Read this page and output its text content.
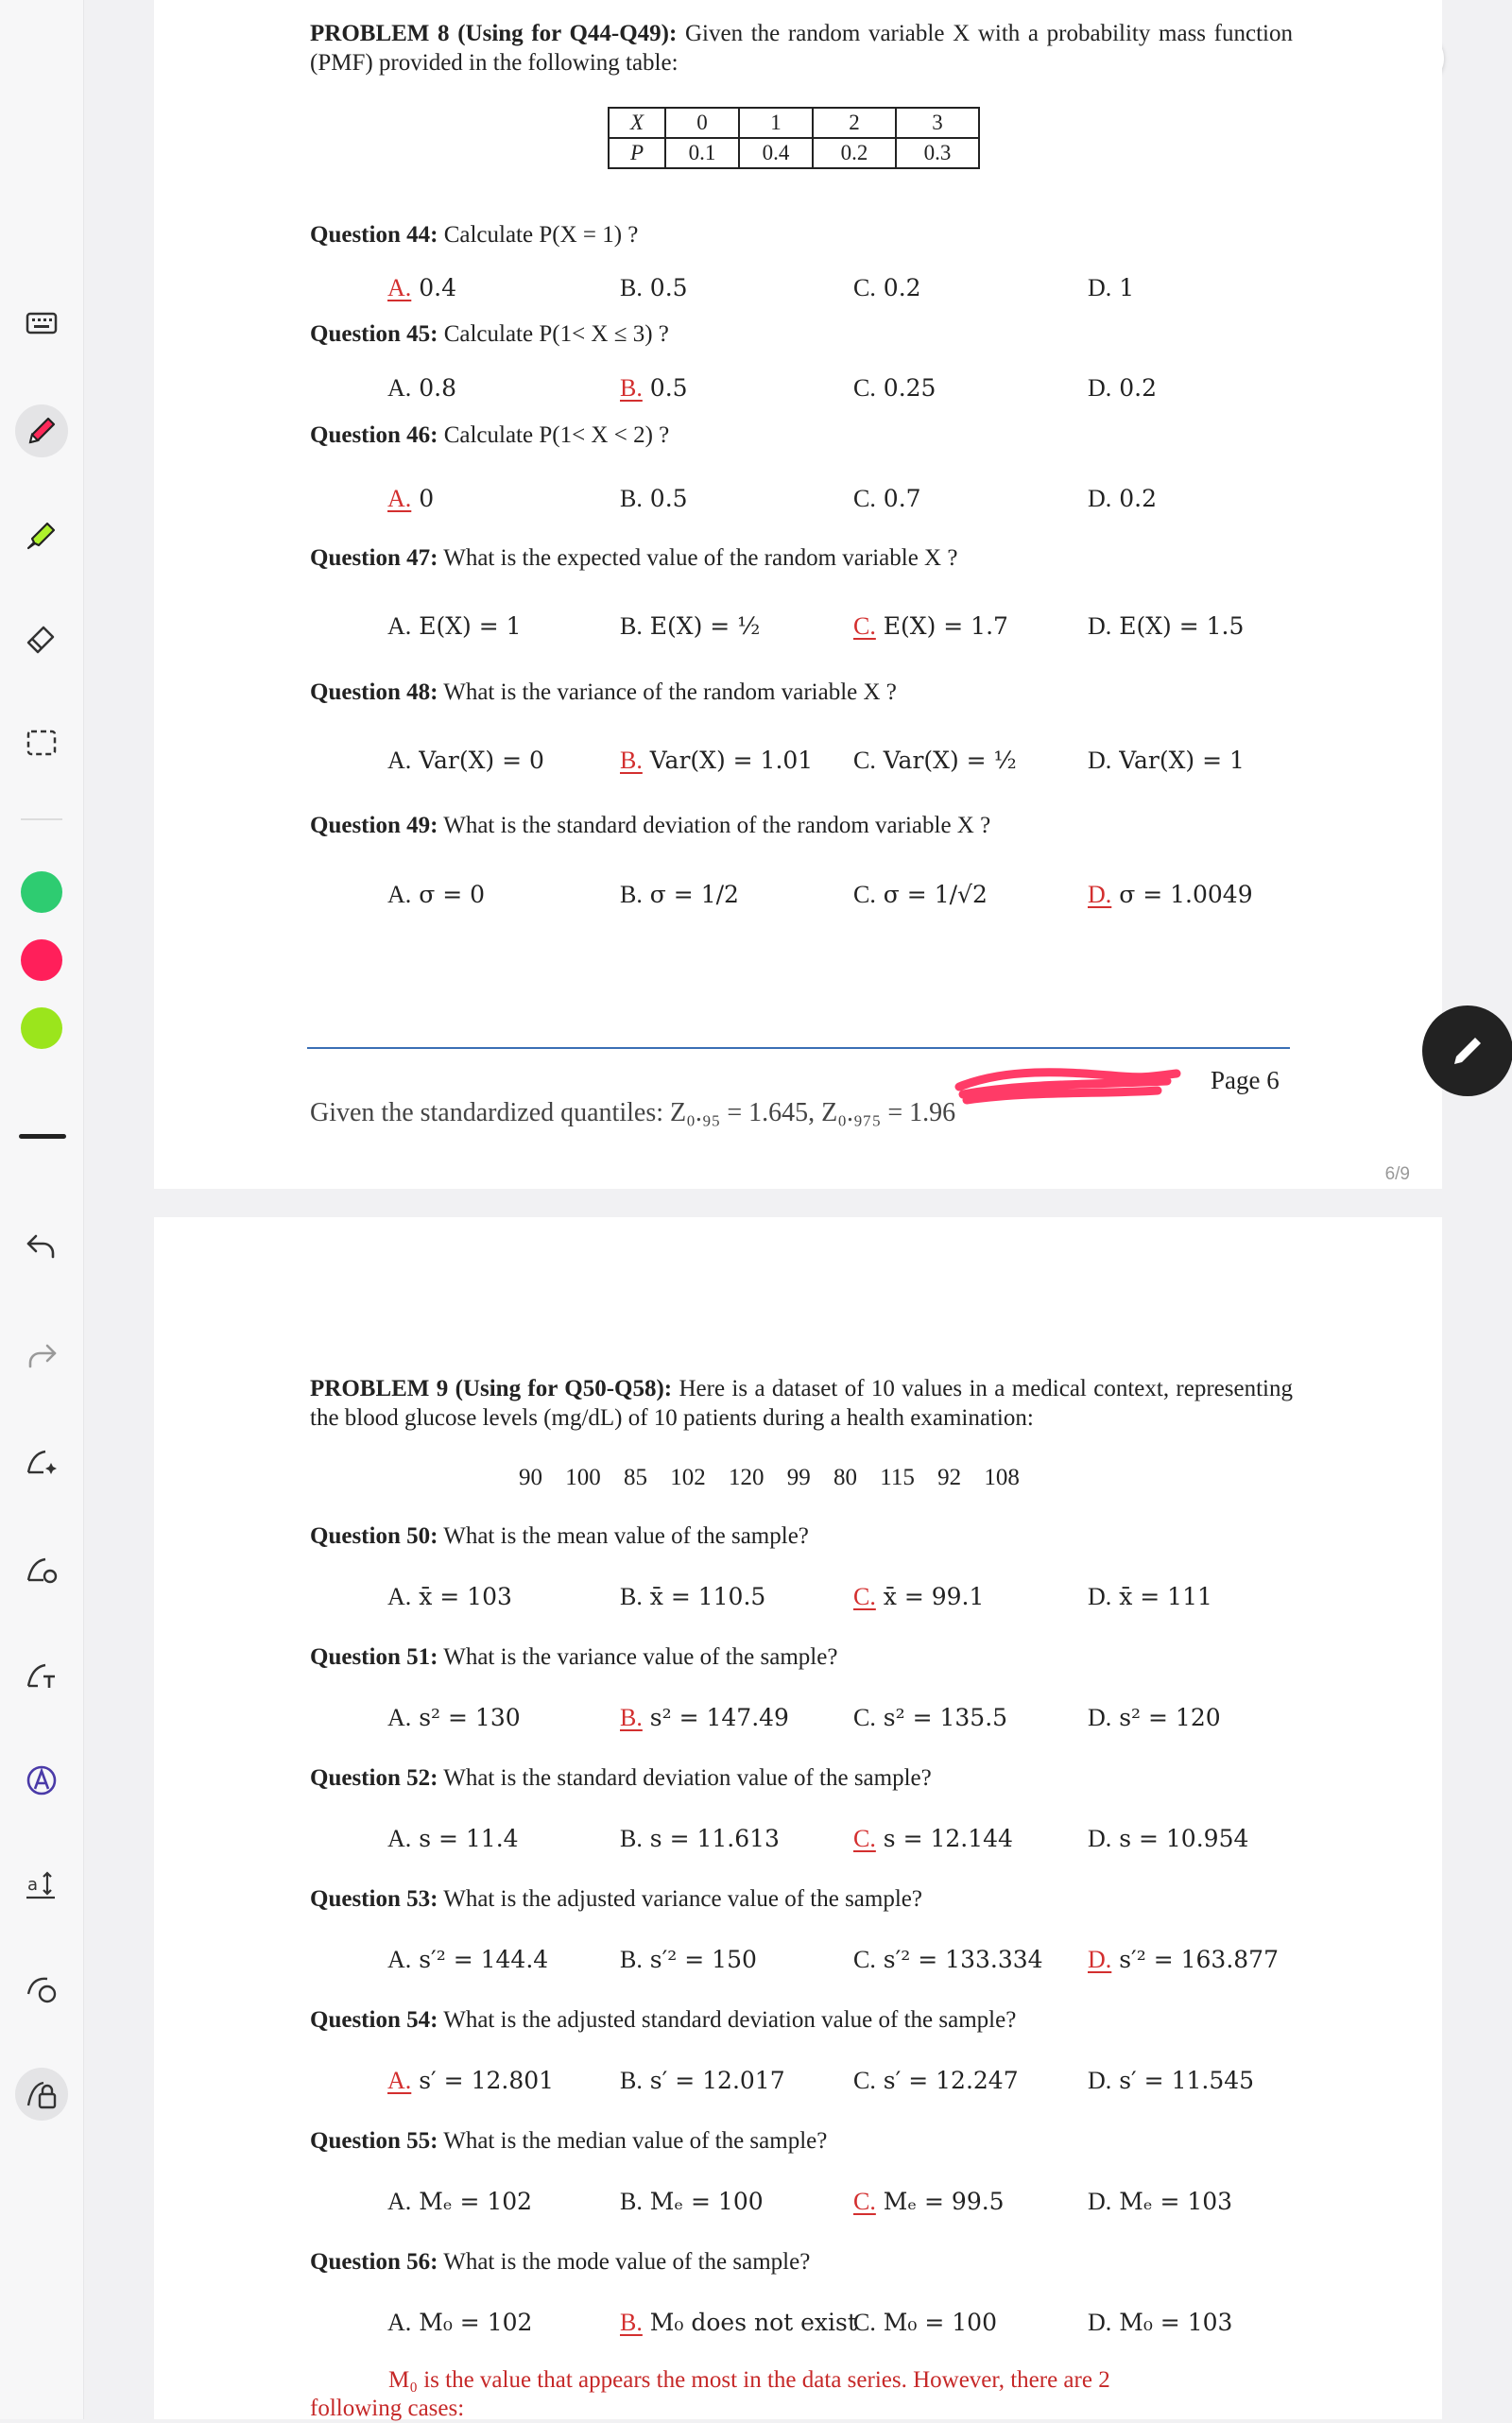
a
PROBLEM 8 (Using for Q44-Q49): Given the random variable X with a probability mass function (PMF) provided in the following table:
X	0	1	2	3
P	0.1	0.4	0.2	0.3
Question 44: Calculate P(X = 1) ?
A. 0.4	B. 0.5	C. 0.2	D. 1
Question 45: Calculate P(1< X ≤ 3) ?
A. 0.8	B. 0.5	C. 0.25	D. 0.2
Question 46: Calculate P(1< X < 2) ?
A. 0	B. 0.5	C. 0.7	D. 0.2
Question 47: What is the expected value of the random variable X ?
A. E(X) = 1	B. E(X) = ½	C. E(X) = 1.7	D. E(X) = 1.5
Question 48: What is the variance of the random variable X ?
A. Var(X) = 0	B. Var(X) = 1.01 C. Var(X) = ½	D. Var(X) = 1
Question 49: What is the standard deviation of the random variable X ?
A. σ = 0	B. σ = 1/2	C. σ = 1/√2	D. σ = 1.0049
Page 6
Given the standardized quantiles: Z₀.₉₅ = 1.645, Z₀.₉₇₅ = 1.96
6/9
PROBLEM 9 (Using for Q50-Q58): Here is a dataset of 10 values in a medical context, representing the blood glucose levels (mg/dL) of 10 patients during a health examination:
90 100 85 102 120 99 80 115 92 108
Question 50: What is the mean value of the sample?
A. x̄ = 103	B. x̄ = 110.5	C. x̄ = 99.1	D. x̄ = 111
Question 51: What is the variance value of the sample?
A. s² = 130	B. s² = 147.49	C. s² = 135.5	D. s² = 120
Question 52: What is the standard deviation value of the sample?
A. s = 11.4	B. s = 11.613	C. s = 12.144	D. s = 10.954
Question 53: What is the adjusted variance value of the sample?
A. s′² = 144.4	B. s′² = 150	C. s′² = 133.334 D. s′² = 163.877
Question 54: What is the adjusted standard deviation value of the sample?
A. s′ = 12.801	B. s′ = 12.017	C. s′ = 12.247	D. s′ = 11.545
Question 55: What is the median value of the sample?
A. Mₑ = 102	B. Mₑ = 100	C. Mₑ = 99.5	D. Mₑ = 103
Question 56: What is the mode value of the sample?
A. M₀ = 102	B. M₀ does not exist
C. M₀ = 100	D. M₀ = 103
M₀ is the value that appears the most in the data series. However, there are 2
following cases:
